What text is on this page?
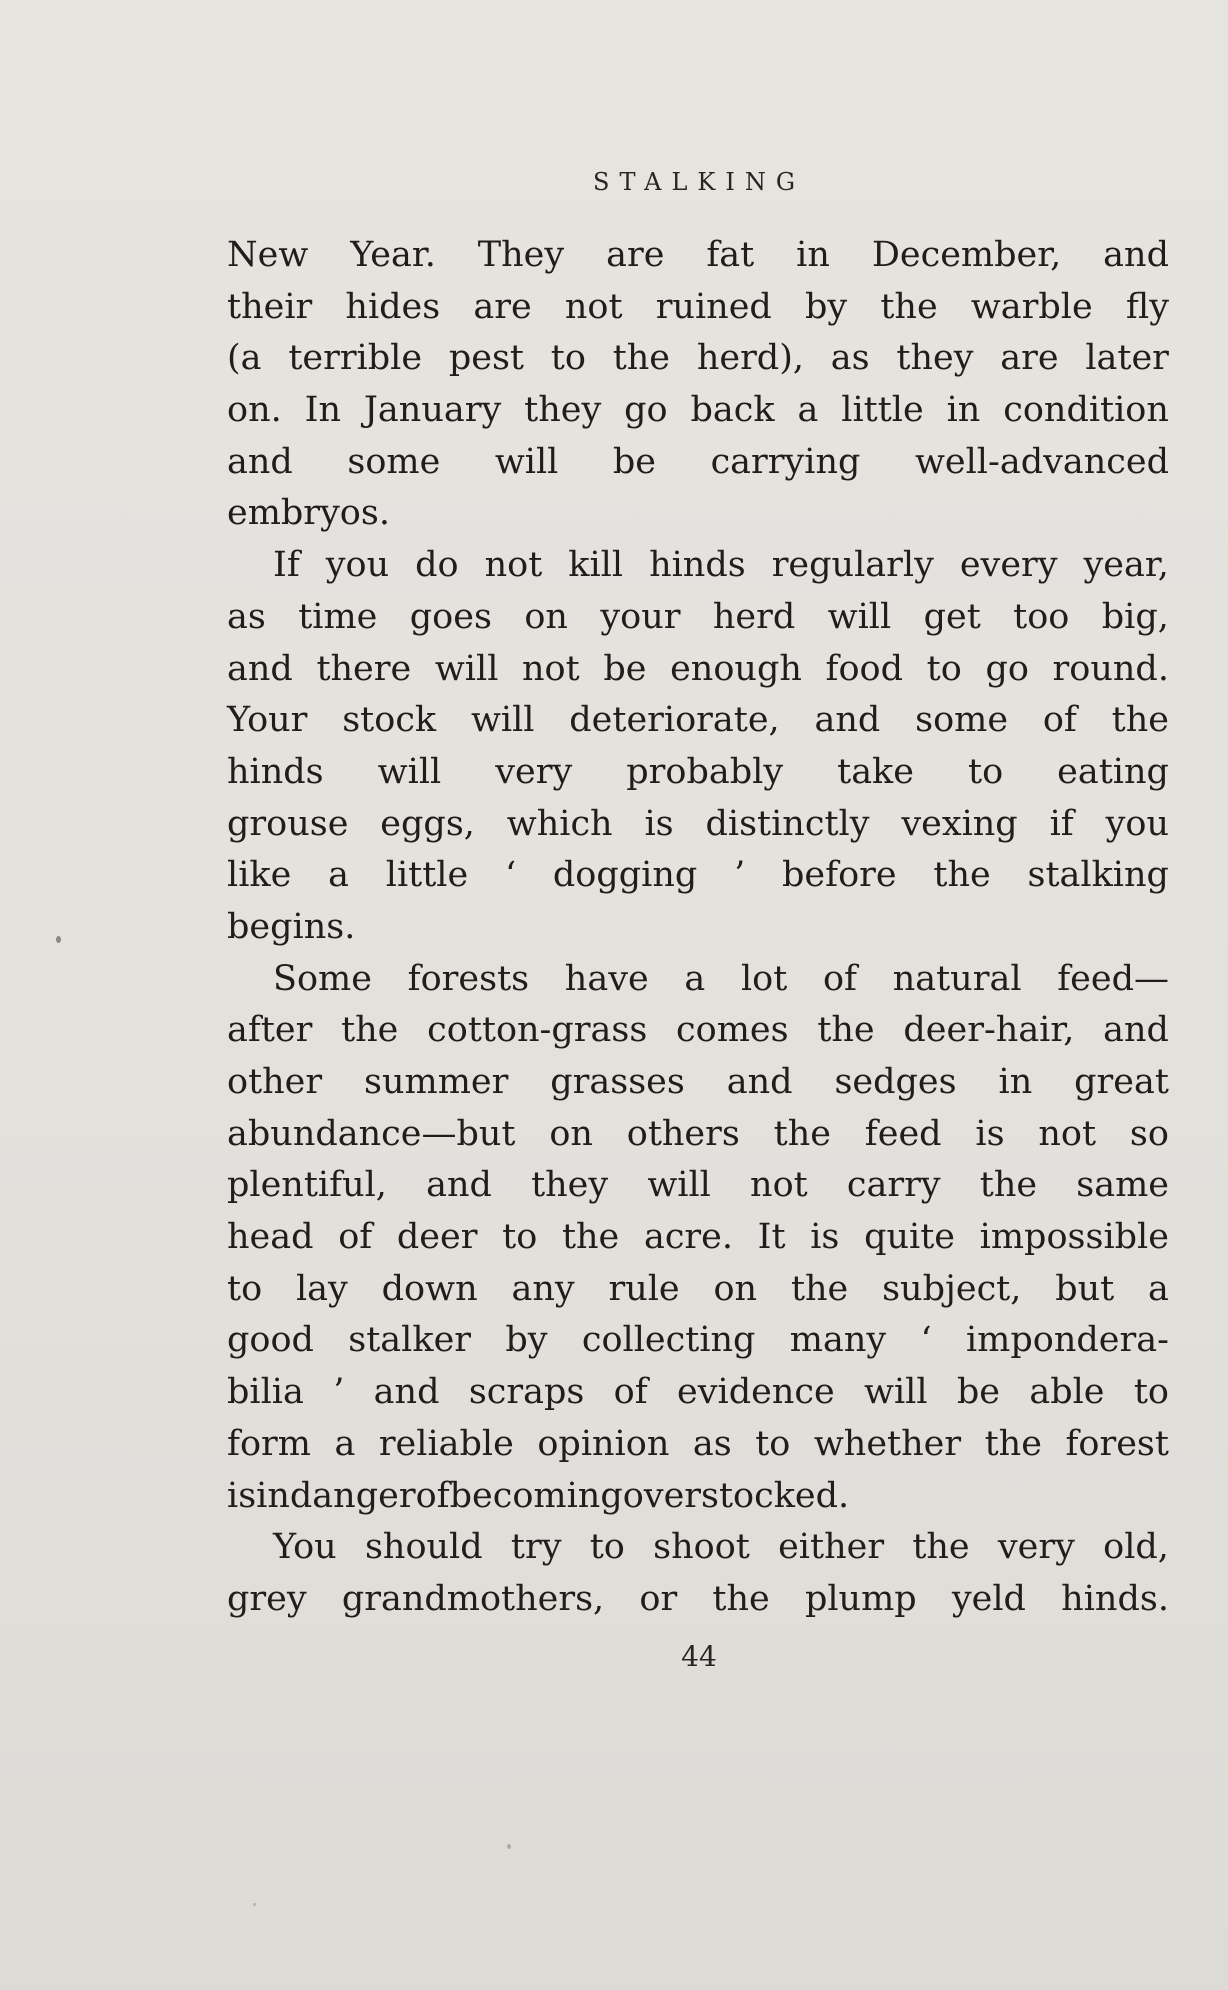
STALKING
New Year. They are fat in December, and
their hides are not ruined by the warble fly
(a terrible pest to the herd), as they are later
on. In January they go back a little in condition
and some will be carrying well-advanced
embryos.
If you do not kill hinds regularly every year,
as time goes on your herd will get too big,
and there will not be enough food to go round.
Your stock will deteriorate, and some of the
hinds will very probably take to eating
grouse eggs, which is distinctly vexing if you
like a little ‘ dogging ’ before the stalking
begins.
Some forests have a lot of natural feed—
after the cotton-grass comes the deer-hair, and
other summer grasses and sedges in great
abundance—but on others the feed is not so
plentiful, and they will not carry the same
head of deer to the acre. It is quite impossible
to lay down any rule on the subject, but a
good stalker by collecting many ‘ impondera-
bilia ’ and scraps of evidence will be able to
form a reliable opinion as to whether the forest
is in danger of becoming overstocked.
You should try to shoot either the very old,
grey grandmothers, or the plump yeld hinds.
44
